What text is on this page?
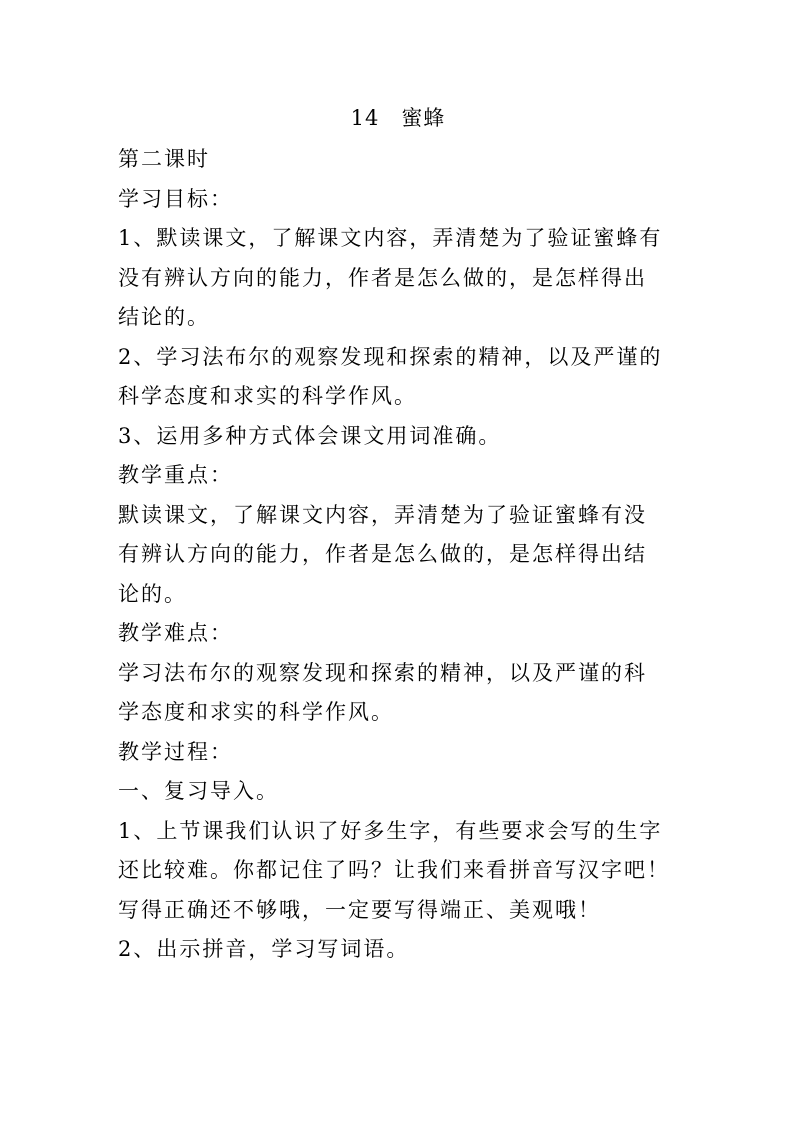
14　蜜蜂

第二课时

学习目标：

1、默读课文，了解课文内容，弄清楚为了验证蜜蜂有

没有辨认方向的能力，作者是怎么做的，是怎样得出

结论的。

2、学习法布尔的观察发现和探索的精神，以及严谨的

科学态度和求实的科学作风。

3、运用多种方式体会课文用词准确。

教学重点：

默读课文，了解课文内容，弄清楚为了验证蜜蜂有没

有辨认方向的能力，作者是怎么做的，是怎样得出结

论的。

教学难点：

学习法布尔的观察发现和探索的精神，以及严谨的科

学态度和求实的科学作风。

教学过程：

一、复习导入。

1、上节课我们认识了好多生字，有些要求会写的生字

还比较难。你都记住了吗？让我们来看拼音写汉字吧！

写得正确还不够哦，一定要写得端正、美观哦！

2、出示拼音，学习写词语。
